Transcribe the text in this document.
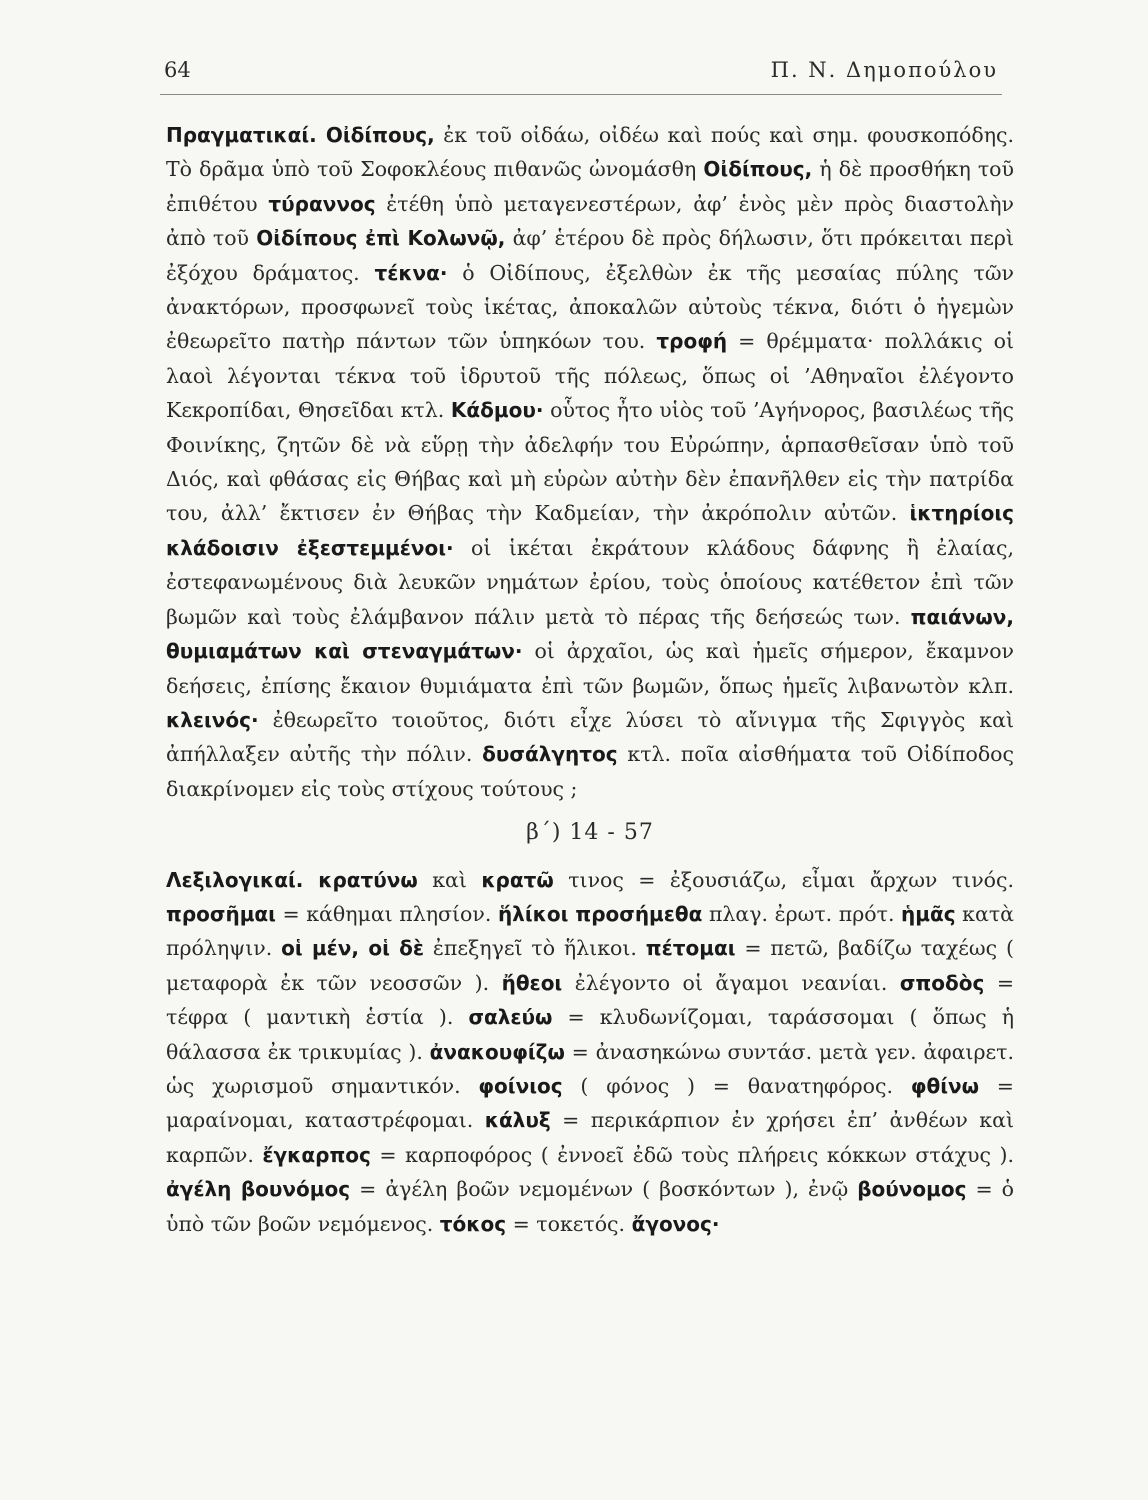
64	Π. Ν. Δημοπούλου

Πραγματικαί. Οἰδίπους, ἐκ τοῦ οἰδάω, οἰδέω καὶ πούς καὶ σημ. φουσκοπόδης. Τὸ δρᾶμα ὑπὸ τοῦ Σοφοκλέους πιθανῶς ὠνομάσθη Οἰδίπους, ἡ δὲ προσθήκη τοῦ ἐπιθέτου τύραννος ἐτέθη ὑπὸ μεταγενεστέρων, ἀφ’ ἑνὸς μὲν πρὸς διαστολὴν ἀπὸ τοῦ Οἰδίπους ἐπὶ Κολωνῷ, ἀφ’ ἑτέρου δὲ πρὸς δήλωσιν, ὅτι πρόκειται περὶ ἐξόχου δράματος. τέκνα· ὁ Οἰδίπους, ἐξελθὼν ἐκ τῆς μεσαίας πύλης τῶν ἀνακτόρων, προσφωνεῖ τοὺς ἱκέτας, ἀποκαλῶν αὐτοὺς τέκνα, διότι ὁ ἡγεμὼν ἐθεωρεῖτο πατὴρ πάντων τῶν ὑπηκόων του. τροφή = θρέμματα· πολλάκις οἱ λαοὶ λέγονται τέκνα τοῦ ἱδρυτοῦ τῆς πόλεως, ὅπως οἱ ’Αθηναῖοι ἐλέγοντο Κεκροπίδαι, Θησεῖδαι κτλ. Κάδμου· οὗτος ἦτο υἱὸς τοῦ ’Αγήνορος, βασιλέως τῆς Φοινίκης, ζητῶν δὲ νὰ εὕρῃ τὴν ἀδελφήν του Εὐρώπην, ἁρπασθεῖσαν ὑπὸ τοῦ Διός, καὶ φθάσας εἰς Θήβας καὶ μὴ εὑρὼν αὐτὴν δὲν ἐπανῆλθεν εἰς τὴν πατρίδα του, ἀλλ’ ἔκτισεν ἐν Θήβας τὴν Καδμείαν, τὴν ἀκρόπολιν αὐτῶν. ἱκτηρίοις κλάδοισιν ἐξεστεμμένοι· οἱ ἱκέται ἐκράτουν κλάδους δάφνης ἢ ἐλαίας, ἐστεφανωμένους διὰ λευκῶν νημάτων ἐρίου, τοὺς ὁποίους κατέθετον ἐπὶ τῶν βωμῶν καὶ τοὺς ἐλάμβανον πάλιν μετὰ τὸ πέρας τῆς δεήσεώς των. παιάνων, θυμιαμάτων καὶ στεναγμάτων· οἱ ἀρχαῖοι, ὡς καὶ ἡμεῖς σήμερον, ἔκαμνον δεήσεις, ἐπίσης ἔκαιον θυμιάματα ἐπὶ τῶν βωμῶν, ὅπως ἡμεῖς λιβανωτὸν κλπ. κλεινός· ἐθεωρεῖτο τοιοῦτος, διότι εἶχε λύσει τὸ αἴνιγμα τῆς Σφιγγὸς καὶ ἀπήλλαξεν αὐτῆς τὴν πόλιν. δυσάλγητος κτλ. ποῖα αἰσθήματα τοῦ Οἰδίποδος διακρίνομεν εἰς τοὺς στίχους τούτους ;

β΄) 14 - 57

Λεξιλογικαί. κρατύνω καὶ κρατῶ τινος = ἐξουσιάζω, εἶμαι ἄρχων τινός. προσῆμαι = κάθημαι πλησίον. ἥλίκοι προσήμεθα πλαγ. ἐρωτ. πρότ. ἡμᾶς κατὰ πρόληψιν. οἱ μέν, οἱ δὲ ἐπεξηγεῖ τὸ ἥλικοι. πέτομαι = πετῶ, βαδίζω ταχέως ( μεταφορὰ ἐκ τῶν νεοσσῶν ). ἤθεοι ἐλέγοντο οἱ ἄγαμοι νεανίαι. σποδὸς = τέφρα ( μαντικὴ ἑστία ). σαλεύω = κλυδωνίζομαι, ταράσσομαι ( ὅπως ἡ θάλασσα ἐκ τρικυμίας ). ἀνακουφίζω = ἀνασηκώνω συντάσ. μετὰ γεν. ἀφαιρετ. ὡς χωρισμοῦ σημαντικόν. φοίνιος ( φόνος ) = θανατηφόρος. φθίνω = μαραίνομαι, καταστρέφομαι. κάλυξ = περικάρπιον ἐν χρήσει ἐπ’ ἀνθέων καὶ καρπῶν. ἔγκαρπος = καρποφόρος ( ἐννοεῖ ἐδῶ τοὺς πλήρεις κόκκων στάχυς ). ἀγέλη βουνόμος = ἀγέλη βοῶν νεμομένων ( βοσκόντων ), ἐνῷ βούνομος = ὁ ὑπὸ τῶν βοῶν νεμόμενος. τόκος = τοκετός. ἄγονος·
